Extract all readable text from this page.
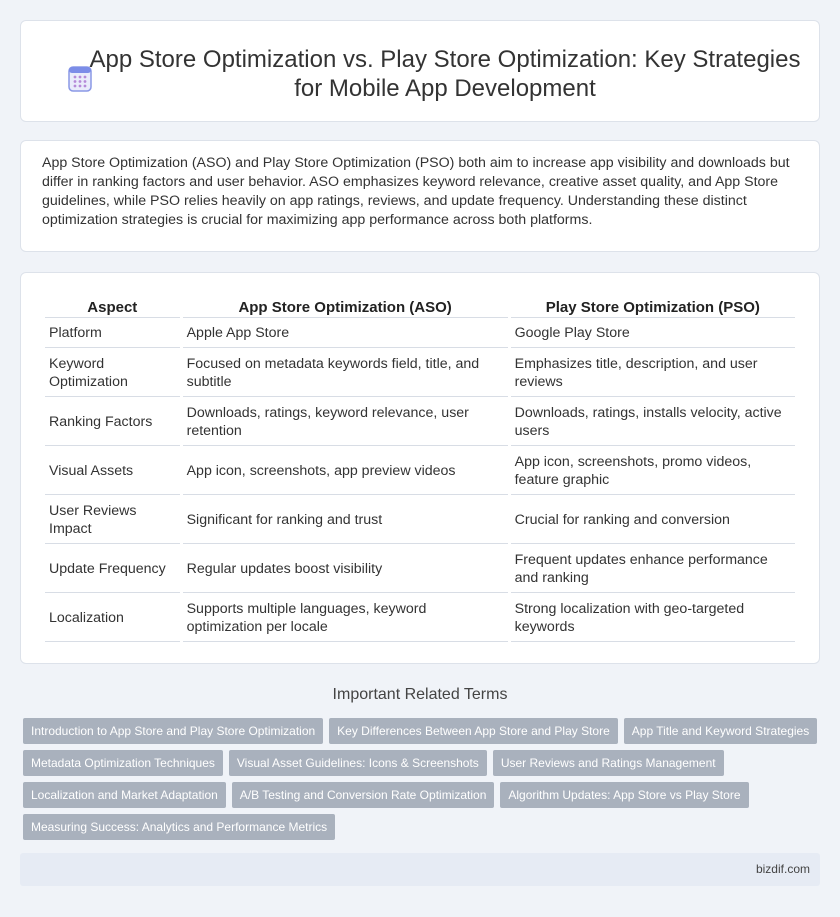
App Store Optimization vs. Play Store Optimization: Key Strategies for Mobile App Development

App Store Optimization (ASO) and Play Store Optimization (PSO) both aim to increase app visibility and downloads but differ in ranking factors and user behavior. ASO emphasizes keyword relevance, creative asset quality, and App Store guidelines, while PSO relies heavily on app ratings, reviews, and update frequency. Understanding these distinct optimization strategies is crucial for maximizing app performance across both platforms.

Aspect	App Store Optimization (ASO)	Play Store Optimization (PSO)
Platform	Apple App Store	Google Play Store
Keyword Optimization	Focused on metadata keywords field, title, and subtitle	Emphasizes title, description, and user reviews
Ranking Factors	Downloads, ratings, keyword relevance, user retention	Downloads, ratings, installs velocity, active users
Visual Assets	App icon, screenshots, app preview videos	App icon, screenshots, promo videos, feature graphic
User Reviews Impact	Significant for ranking and trust	Crucial for ranking and conversion
Update Frequency	Regular updates boost visibility	Frequent updates enhance performance and ranking
Localization	Supports multiple languages, keyword optimization per locale	Strong localization with geo-targeted keywords
Important Related Terms
Introduction to App Store and Play Store Optimization	Key Differences Between App Store and Play Store	App Title and Keyword Strategies
Metadata Optimization Techniques	Visual Asset Guidelines: Icons & Screenshots	User Reviews and Ratings Management
Localization and Market Adaptation	A/B Testing and Conversion Rate Optimization	Algorithm Updates: App Store vs Play Store
Measuring Success: Analytics and Performance Metrics
bizdif.com
